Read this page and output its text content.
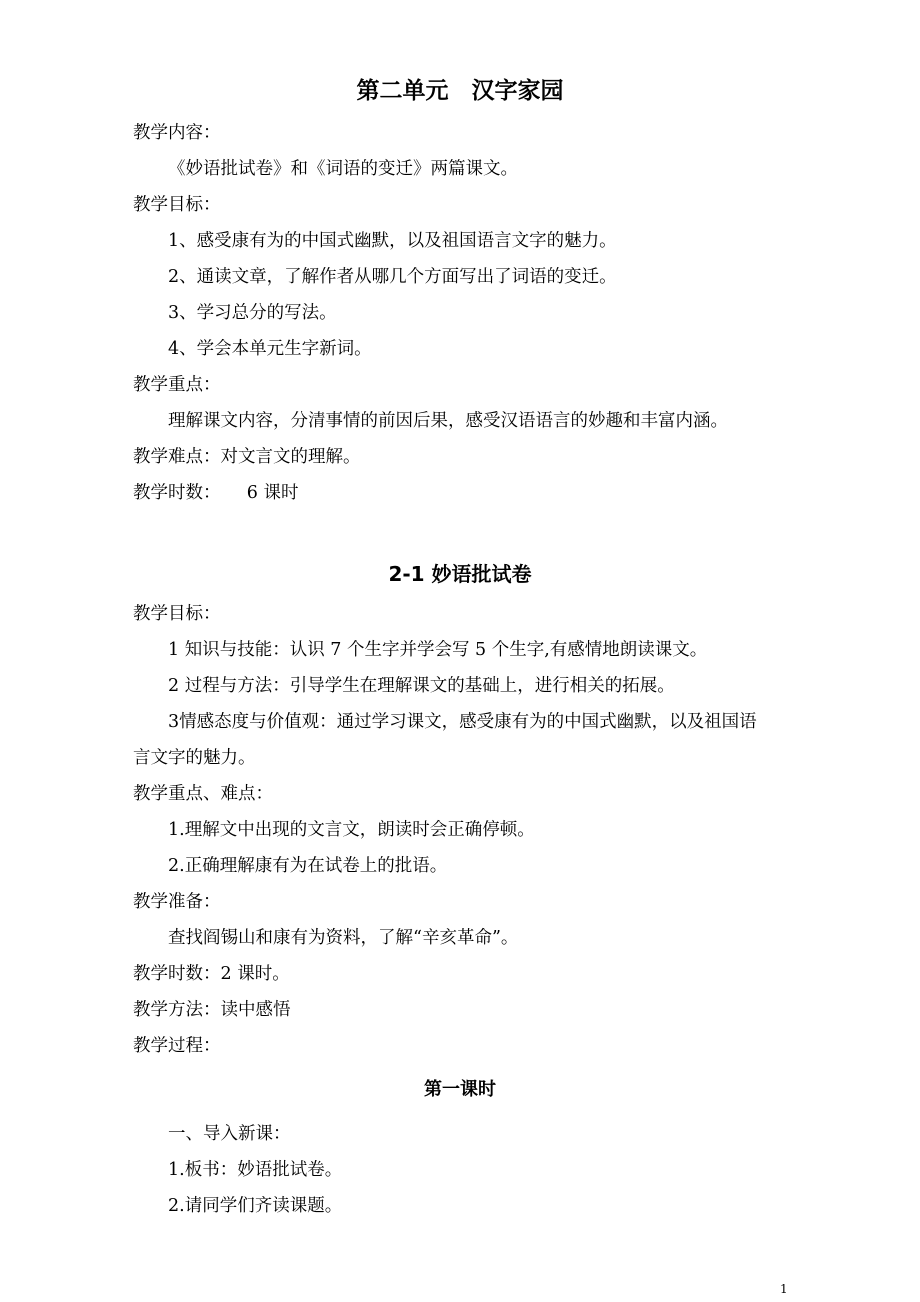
第二单元　汉字家园
教学内容：
《妙语批试卷》和《词语的变迁》两篇课文。
教学目标：
1、感受康有为的中国式幽默，以及祖国语言文字的魅力。
2、通读文章，了解作者从哪几个方面写出了词语的变迁。
3、学习总分的写法。
4、学会本单元生字新词。
教学重点：
理解课文内容，分清事情的前因后果，感受汉语语言的妙趣和丰富内涵。
教学难点：对文言文的理解。
教学时数：　　6 课时
2-1 妙语批试卷
教学目标：
1 知识与技能：认识 7 个生字并学会写 5 个生字,有感情地朗读课文。
2 过程与方法：引导学生在理解课文的基础上，进行相关的拓展。
3情感态度与价值观：通过学习课文，感受康有为的中国式幽默，以及祖国语
言文字的魅力。
教学重点、难点：
1.理解文中出现的文言文，朗读时会正确停顿。
2.正确理解康有为在试卷上的批语。
教学准备：
查找阎锡山和康有为资料，了解“辛亥革命”。
教学时数：2 课时。
教学方法：读中感悟
教学过程：
第一课时
一、导入新课：
1.板书：妙语批试卷。
2.请同学们齐读课题。
1
